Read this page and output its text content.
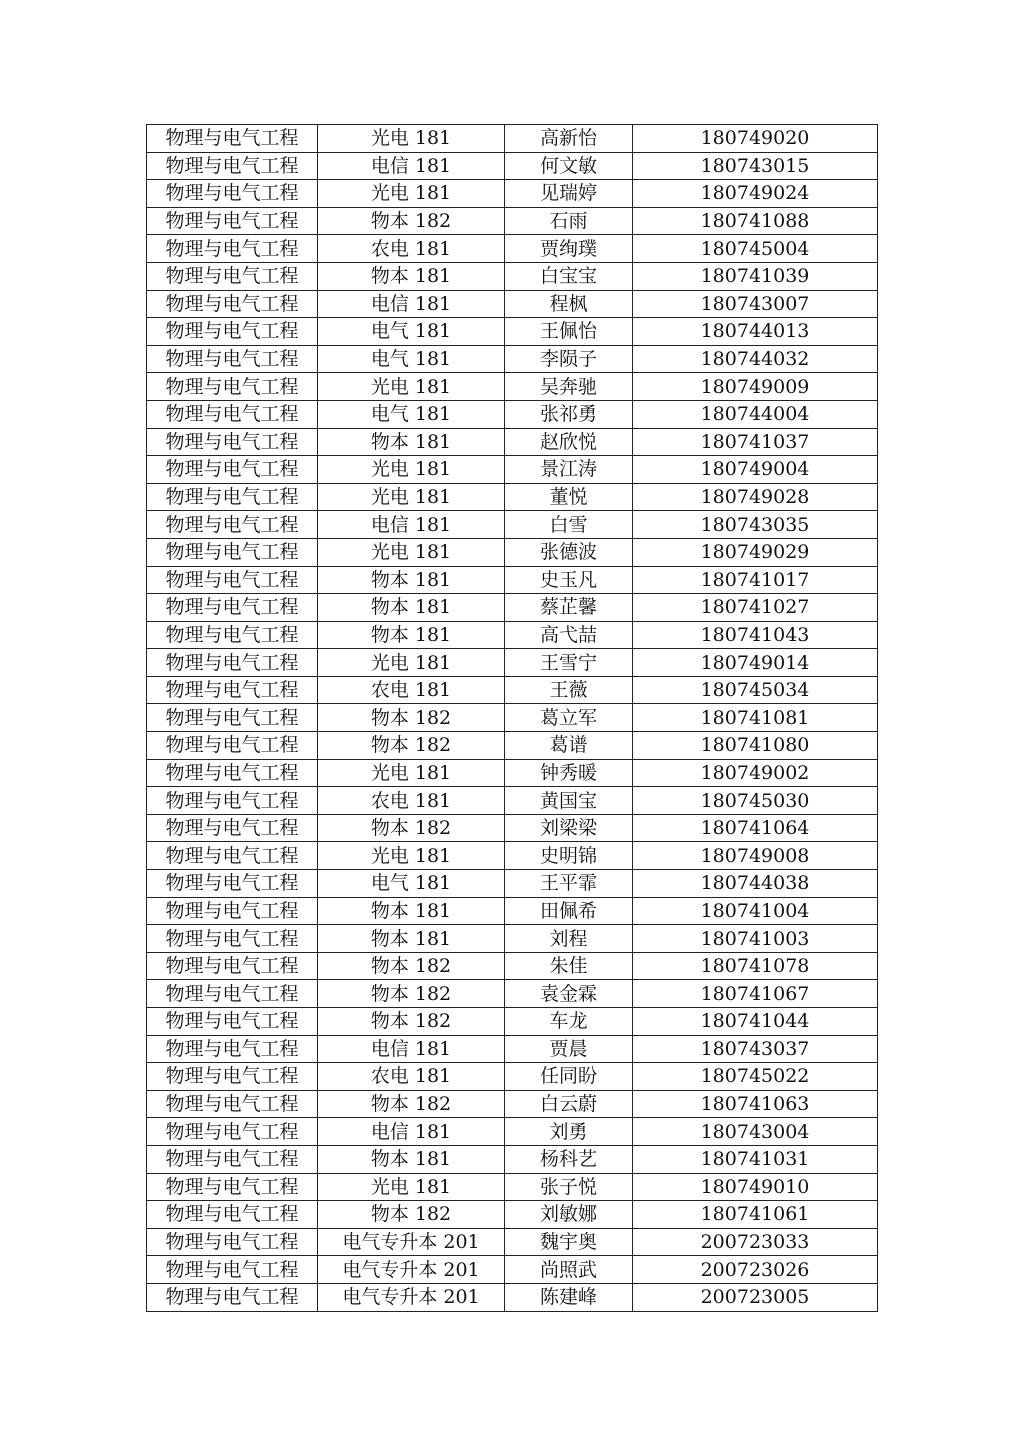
物理与电气工程	光电 181	高新怡	180749020
物理与电气工程	电信 181	何文敏	180743015
物理与电气工程	光电 181	见瑞婷	180749024
物理与电气工程	物本 182	石雨	180741088
物理与电气工程	农电 181	贾绚璞	180745004
物理与电气工程	物本 181	白宝宝	180741039
物理与电气工程	电信 181	程枫	180743007
物理与电气工程	电气 181	王佩怡	180744013
物理与电气工程	电气 181	李陨子	180744032
物理与电气工程	光电 181	吴奔驰	180749009
物理与电气工程	电气 181	张祁勇	180744004
物理与电气工程	物本 181	赵欣悦	180741037
物理与电气工程	光电 181	景江涛	180749004
物理与电气工程	光电 181	董悦	180749028
物理与电气工程	电信 181	白雪	180743035
物理与电气工程	光电 181	张德波	180749029
物理与电气工程	物本 181	史玉凡	180741017
物理与电气工程	物本 181	蔡芷馨	180741027
物理与电气工程	物本 181	高弋喆	180741043
物理与电气工程	光电 181	王雪宁	180749014
物理与电气工程	农电 181	王薇	180745034
物理与电气工程	物本 182	葛立军	180741081
物理与电气工程	物本 182	葛谱	180741080
物理与电气工程	光电 181	钟秀暖	180749002
物理与电气工程	农电 181	黄国宝	180745030
物理与电气工程	物本 182	刘梁梁	180741064
物理与电气工程	光电 181	史明锦	180749008
物理与电气工程	电气 181	王平霏	180744038
物理与电气工程	物本 181	田佩希	180741004
物理与电气工程	物本 181	刘程	180741003
物理与电气工程	物本 182	朱佳	180741078
物理与电气工程	物本 182	袁金霖	180741067
物理与电气工程	物本 182	车龙	180741044
物理与电气工程	电信 181	贾晨	180743037
物理与电气工程	农电 181	任同盼	180745022
物理与电气工程	物本 182	白云蔚	180741063
物理与电气工程	电信 181	刘勇	180743004
物理与电气工程	物本 181	杨科艺	180741031
物理与电气工程	光电 181	张子悦	180749010
物理与电气工程	物本 182	刘敏娜	180741061
物理与电气工程	电气专升本 201	魏宇奥	200723033
物理与电气工程	电气专升本 201	尚照武	200723026
物理与电气工程	电气专升本 201	陈建峰	200723005
